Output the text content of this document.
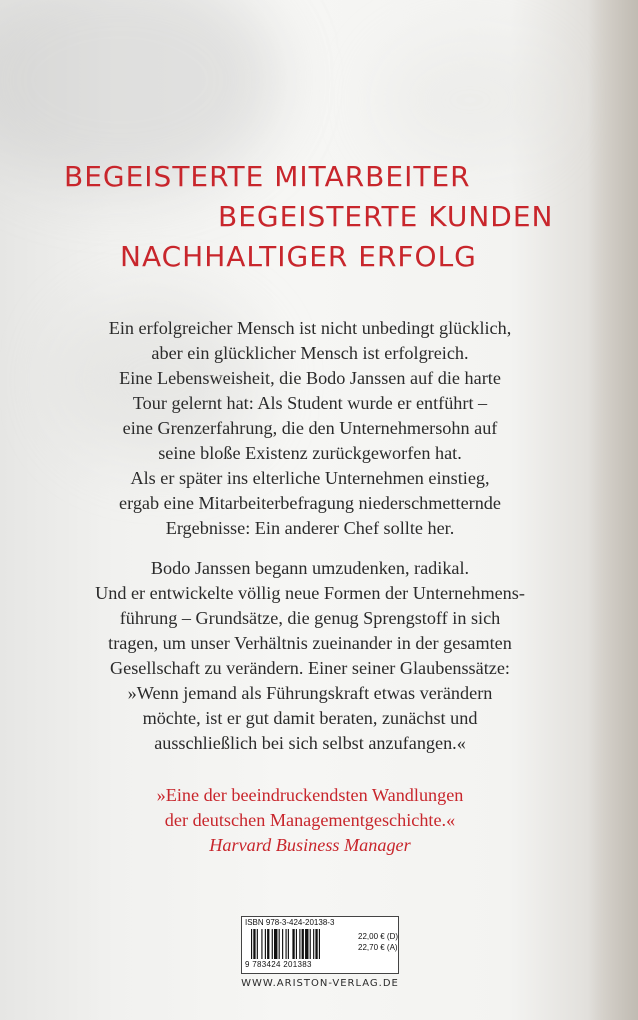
BEGEISTERTE MITARBEITER
BEGEISTERTE KUNDEN
NACHHALTIGER ERFOLG
Ein erfolgreicher Mensch ist nicht unbedingt glücklich,
aber ein glücklicher Mensch ist erfolgreich.
Eine Lebensweisheit, die Bodo Janssen auf die harte
Tour gelernt hat: Als Student wurde er entführt –
eine Grenzerfahrung, die den Unternehmersohn auf
seine bloße Existenz zurückgeworfen hat.
Als er später ins elterliche Unternehmen einstieg,
ergab eine Mitarbeiterbefragung niederschmetternde
Ergebnisse: Ein anderer Chef sollte her.
Bodo Janssen begann umzudenken, radikal.
Und er entwickelte völlig neue Formen der Unternehmens-
führung – Grundsätze, die genug Sprengstoff in sich
tragen, um unser Verhältnis zueinander in der gesamten
Gesellschaft zu verändern. Einer seiner Glaubenssätze:
»Wenn jemand als Führungskraft etwas verändern
möchte, ist er gut damit beraten, zunächst und
ausschließlich bei sich selbst anzufangen.«
»Eine der beeindruckendsten Wandlungen
der deutschen Managementgeschichte.«
Harvard Business Manager
ISBN 978-3-424-20138-3
9 783424 201383
22,00 € (D)
22,70 € (A)
WWW.ARISTON-VERLAG.DE
